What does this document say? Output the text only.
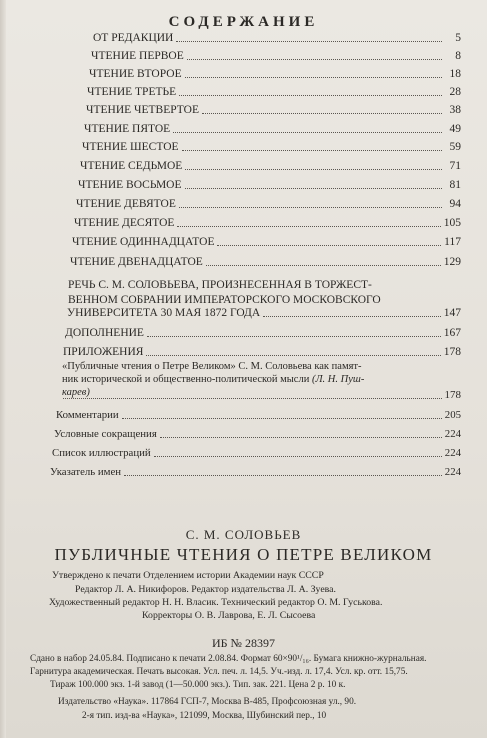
СОДЕРЖАНИЕ
ОТ РЕДАКЦИИ	5
ЧТЕНИЕ ПЕРВОЕ	8
ЧТЕНИЕ ВТОРОЕ	18
ЧТЕНИЕ ТРЕТЬЕ	28
ЧТЕНИЕ ЧЕТВЕРТОЕ	38
ЧТЕНИЕ ПЯТОЕ	49
ЧТЕНИЕ ШЕСТОЕ	59
ЧТЕНИЕ СЕДЬМОЕ	71
ЧТЕНИЕ ВОСЬМОЕ	81
ЧТЕНИЕ ДЕВЯТОЕ	94
ЧТЕНИЕ ДЕСЯТОЕ	105
ЧТЕНИЕ ОДИННАДЦАТОЕ	117
ЧТЕНИЕ ДВЕНАДЦАТОЕ	129
РЕЧЬ С. М. СОЛОВЬЕВА, ПРОИЗНЕСЕННАЯ В ТОРЖЕСТ-
ВЕННОМ СОБРАНИИ ИМПЕРАТОРСКОГО МОСКОВСКОГО
УНИВЕРСИТЕТА 30 МАЯ 1872 ГОДА	147
ДОПОЛНЕНИЕ	167
ПРИЛОЖЕНИЯ	178
«Публичные чтения о Петре Великом» С. М. Соловьева как памят-
ник исторической и общественно-политической мысли (Л. Н. Пуш-
карев)	178
Комментарии	205
Условные сокращения	224
Список иллюстраций	224
Указатель имен	224
С. М. СОЛОВЬЕВ
ПУБЛИЧНЫЕ ЧТЕНИЯ О ПЕТРЕ ВЕЛИКОМ
Утверждено к печати Отделением истории Академии наук СССР
Редактор Л. А. Никифоров. Редактор издательства Л. А. Зуева.
Художественный редактор Н. Н. Власик. Технический редактор О. М. Гуськова.
Корректоры О. В. Лаврова, Е. Л. Сысоева
ИБ № 28397
Сдано в набор 24.05.84. Подписано к печати 2.08.84. Формат 60×90¹/₁₆. Бумага книжно-журнальная.
Гарнитура академическая. Печать высокая. Усл. печ. л. 14,5. Уч.-изд. л. 17,4. Усл. кр. отт. 15,75.
Тираж 100.000 экз. 1-й завод (1—50.000 экз.). Тип. зак. 221. Цена 2 р. 10 к.
Издательство «Наука». 117864 ГСП-7, Москва В-485, Профсоюзная ул., 90.
2-я тип. изд-ва «Наука», 121099, Москва, Шубинский пер., 10
